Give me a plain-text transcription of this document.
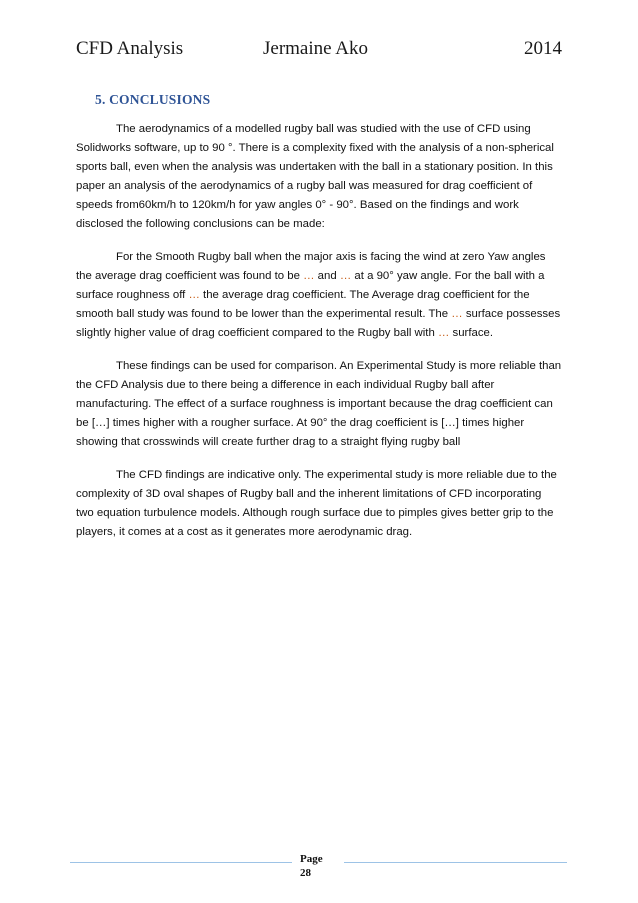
CFD Analysis	Jermaine Ako	2014
5. CONCLUSIONS

The aerodynamics of a modelled rugby ball was studied with the use of CFD using Solidworks software, up to 90 °. There is a complexity fixed with the analysis of a non-spherical sports ball, even when the analysis was undertaken with the ball in a stationary position. In this paper an analysis of the aerodynamics of a rugby ball was measured for drag coefficient of speeds from60km/h to 120km/h for yaw angles 0° - 90°. Based on the findings and work disclosed the following conclusions can be made:

For the Smooth Rugby ball when the major axis is facing the wind at zero Yaw angles the average drag coefficient was found to be … and … at a 90° yaw angle. For the ball with a surface roughness off … the average drag coefficient. The Average drag coefficient for the smooth ball study was found to be lower than the experimental result. The … surface possesses slightly higher value of drag coefficient compared to the Rugby ball with … surface.

These findings can be used for comparison. An Experimental Study is more reliable than the CFD Analysis due to there being a difference in each individual Rugby ball after manufacturing. The effect of a surface roughness is important because the drag coefficient can be […] times higher with a rougher surface. At 90° the drag coefficient is […] times higher showing that crosswinds will create further drag to a straight flying rugby ball

The CFD findings are indicative only. The experimental study is more reliable due to the complexity of 3D oval shapes of Rugby ball and the inherent limitations of CFD incorporating two equation turbulence models. Although rough surface due to pimples gives better grip to the players, it comes at a cost as it generates more aerodynamic drag.

Page
28
